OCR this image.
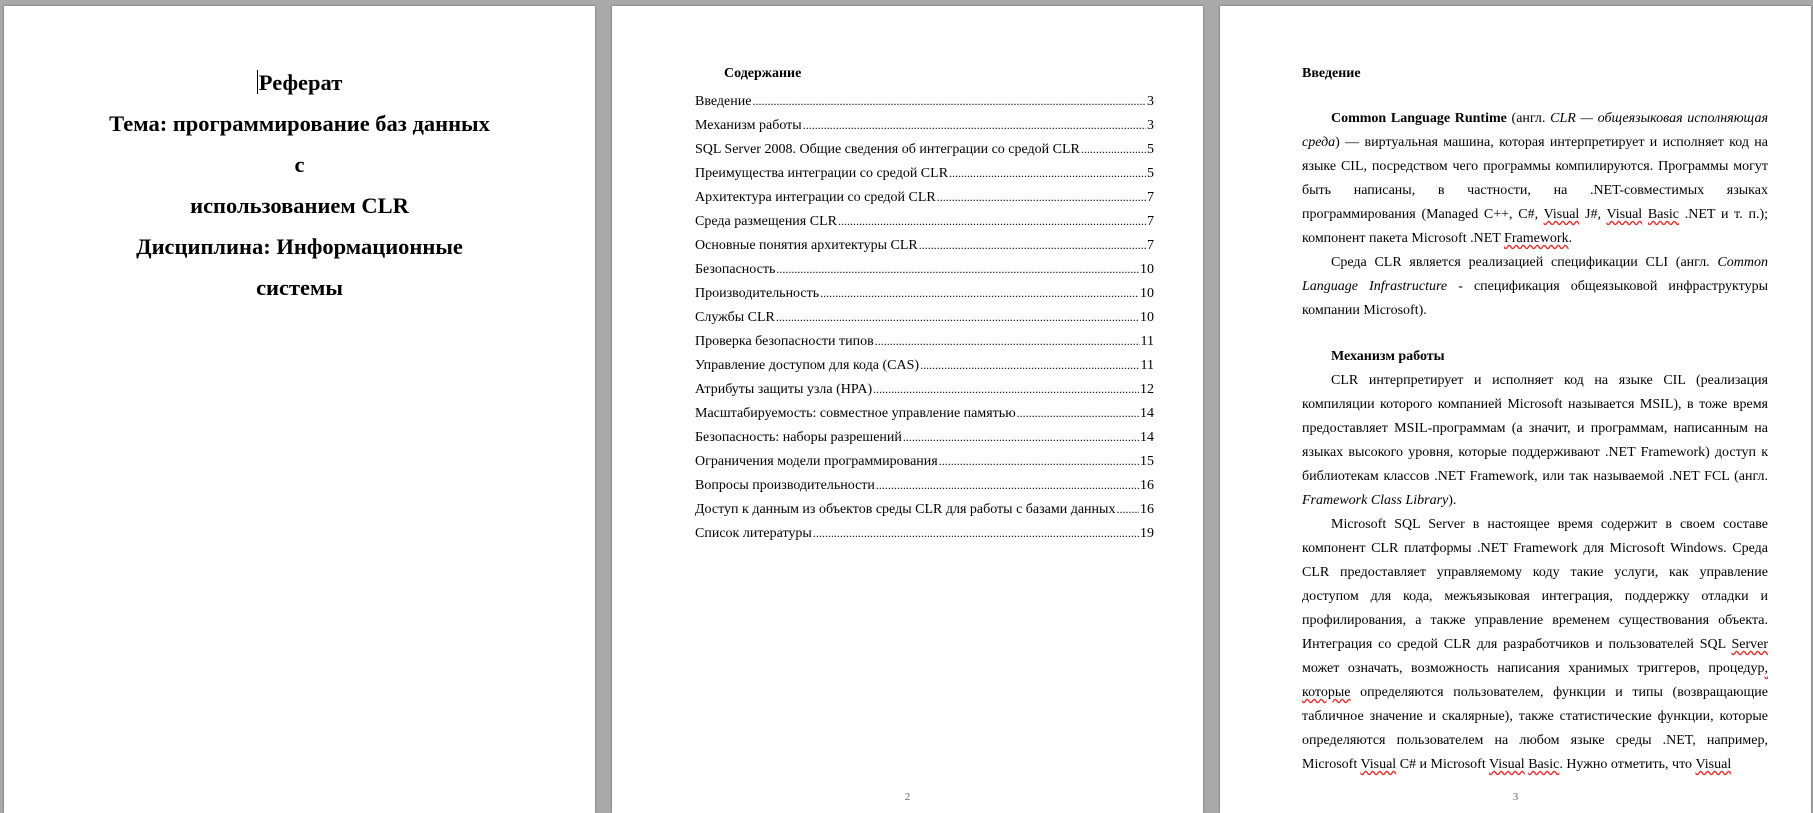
Реферат
Тема: программирование баз данных с
использованием CLR
Дисциплина: Информационные
системы
Содержание
Введение .....	3
Механизм работы .....	3
SQL Server 2008. Общие сведения об интеграции со средой CLR .....	5
Преимущества интеграции со средой CLR .....	5
Архитектура интеграции со средой CLR .....	7
Среда размещения CLR .....	7
Основные понятия архитектуры CLR .....	7
Безопасность .....	10
Производительность .....	10
Службы CLR .....	10
Проверка безопасности типов .....	11
Управление доступом для кода (CAS) .....	11
Атрибуты защиты узла (HPA) .....	12
Масштабируемость: совместное управление памятью .....	14
Безопасность: наборы разрешений .....	14
Ограничения модели программирования .....	15
Вопросы производительности .....	16
Доступ к данным из объектов среды CLR для работы с базами данных ..... 16
Список литературы .....	19
2

Введение

Common Language Runtime (англ. CLR — общеязыковая исполняющая среда) — виртуальная машина, которая интерпретирует и исполняет код на языке CIL, посредством чего программы компилируются. Программы могут быть написаны, в частности, на .NET-совместимых языках программирования (Managed C++, C#, Visual J#, Visual Basic .NET и т. п.); компонент пакета Microsoft .NET Framework.

Среда CLR является реализацией спецификации CLI (англ. Common Language Infrastructure - спецификация общеязыковой инфраструктуры компании Microsoft).

Механизм работы

CLR интерпретирует и исполняет код на языке CIL (реализация компиляции которого компанией Microsoft называется MSIL), в тоже время предоставляет MSIL-программам (а значит, и программам, написанным на языках высокого уровня, которые поддерживают .NET Framework) доступ к библиотекам классов .NET Framework, или так называемой .NET FCL (англ. Framework Class Library).

Microsoft SQL Server в настоящее время содержит в своем составе компонент CLR платформы .NET Framework для Microsoft Windows. Среда CLR предоставляет управляемому коду такие услуги, как управление доступом для кода, межъязыковая интеграция, поддержку отладки и профилирования, а также управление временем существования объекта. Интеграция со средой CLR для разработчиков и пользователей SQL Server может означать, возможность написания хранимых триггеров, процедур, которые определяются пользователем, функции и типы (возвращающие табличное значение и скалярные), также статистические функции, которые определяются пользователем на любом языке среды .NET, например, Microsoft Visual C# и Microsoft Visual Basic. Нужно отметить, что Visual

3
